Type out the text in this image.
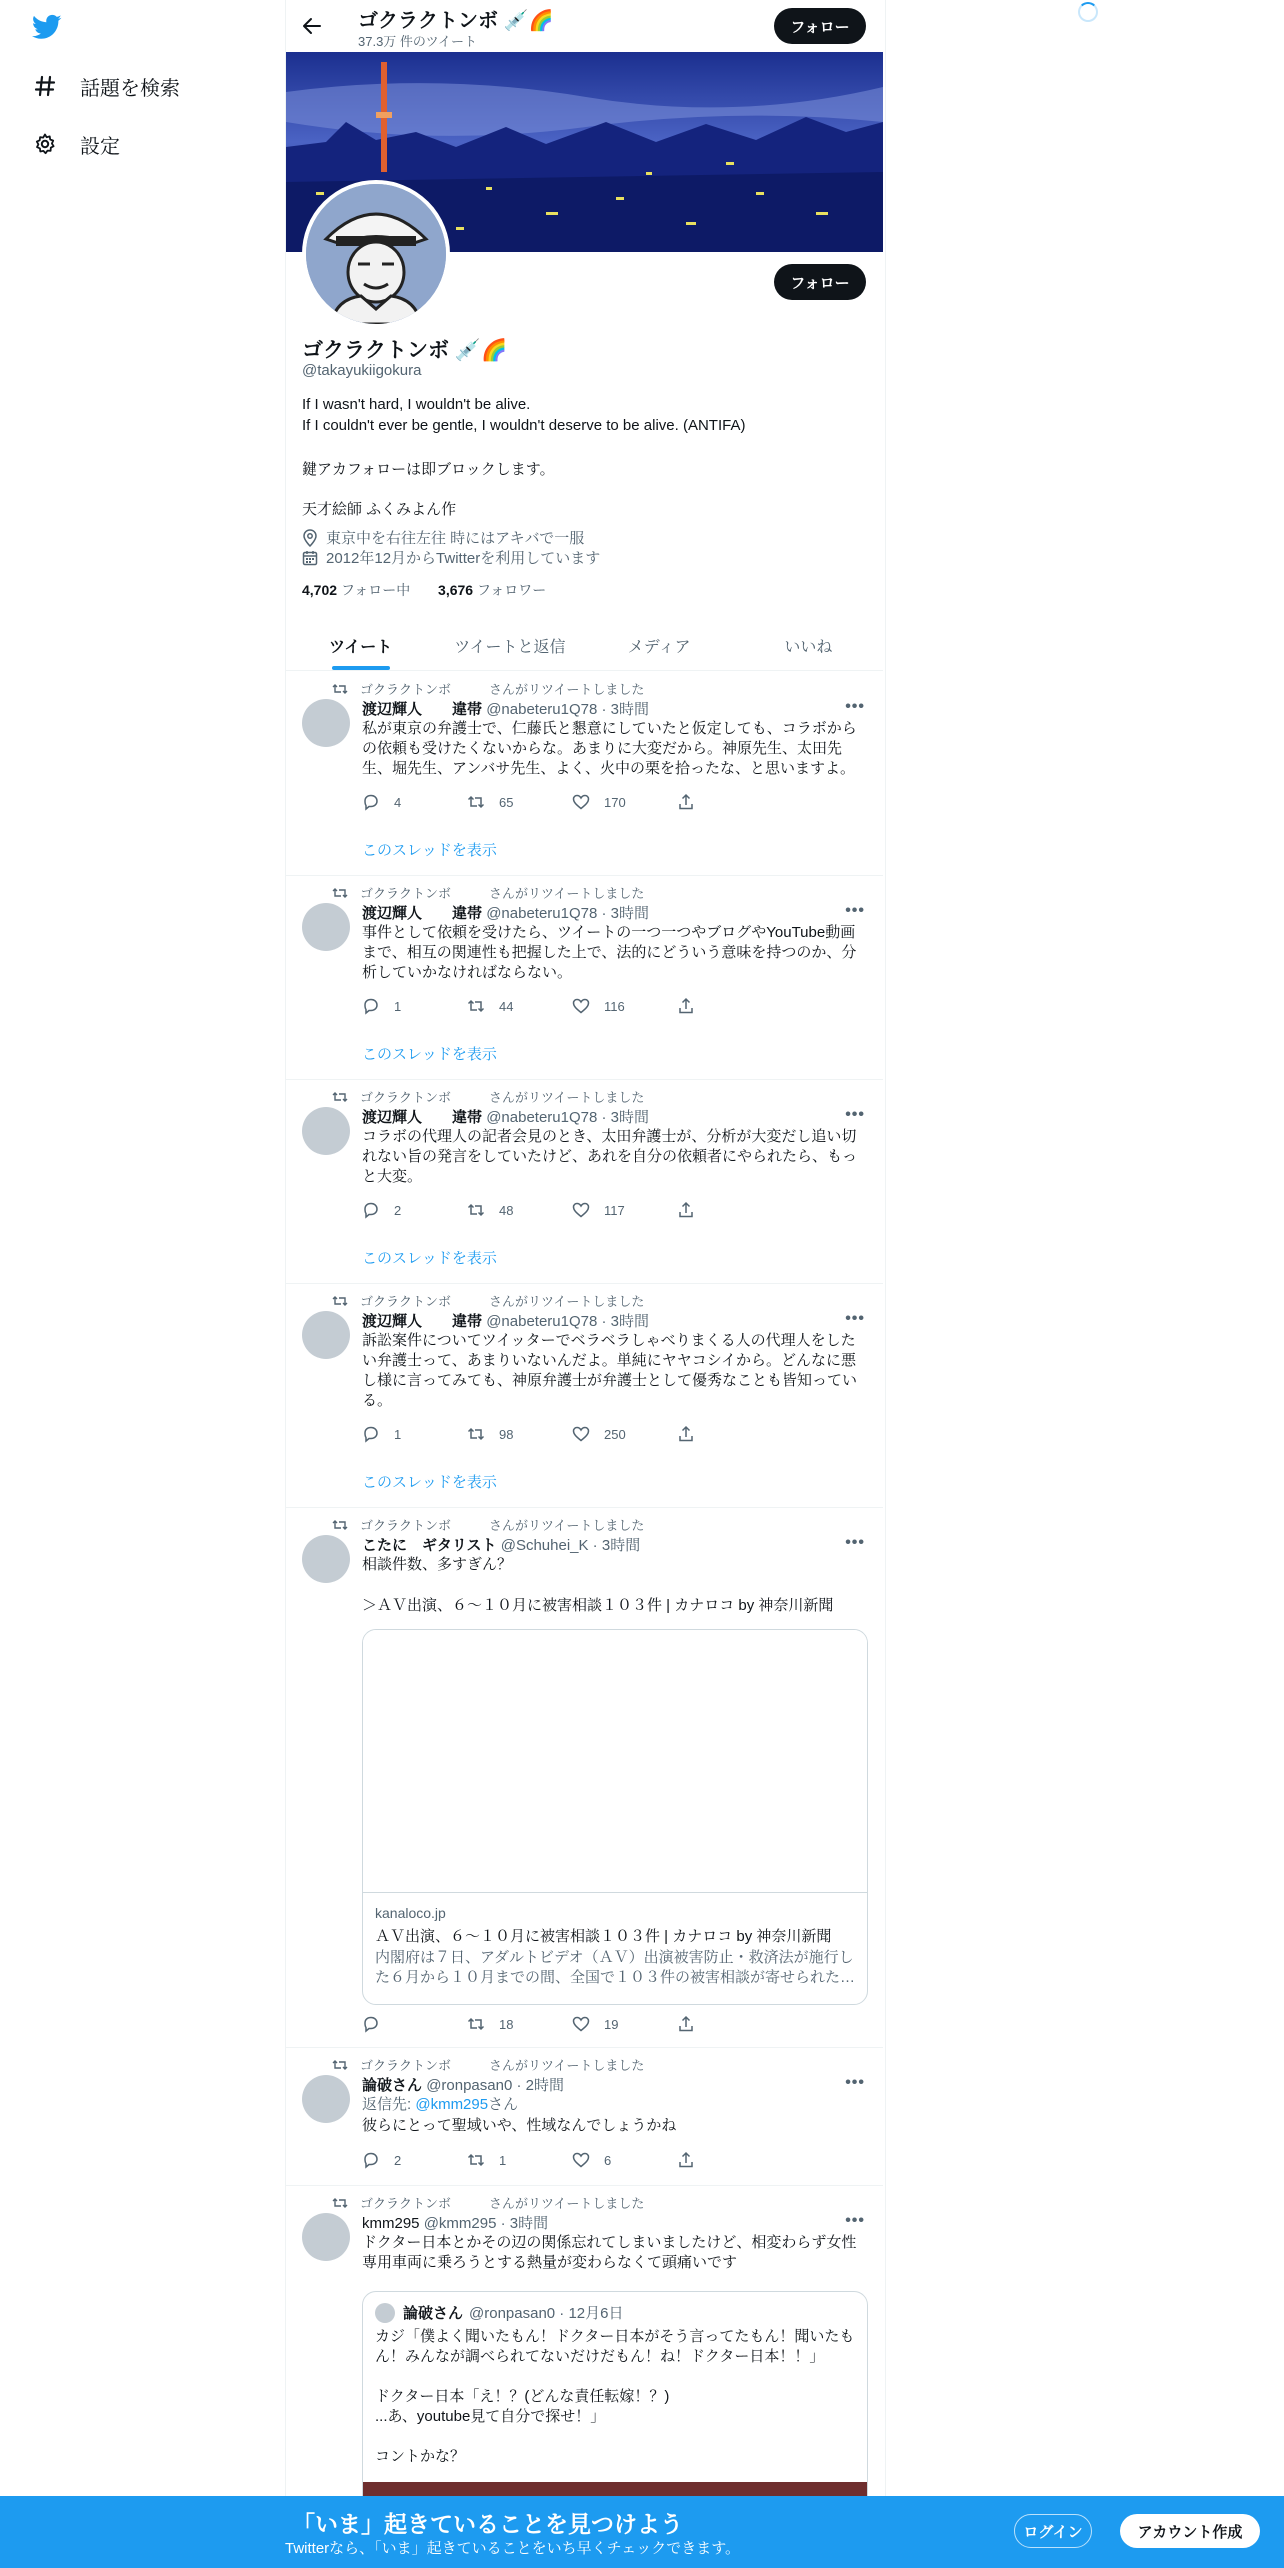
話題を検索
設定
ゴクラクトンボ 💉🌈
37.3万 件のツイート
フォロー
フォロー
ゴクラクトンボ 💉🌈
@takayukiigokura
If I wasn't hard, I wouldn't be alive.
If I couldn't ever be gentle, I wouldn't deserve to be alive. (ANTIFA)
鍵アカフォローは即ブロックします。
天才絵師 ふくみよん作
東京中を右往左往 時にはアキバで一服
2012年12月からTwitterを利用しています
4,702 フォロー中 3,676 フォロワー
ツイート	ツイートと返信	メディア	いいね
ゴクラクトンボ	さんがリツイートしました
渡辺輝人　　違帯 @nabeteru1Q78 · 3時間	•••
私が東京の弁護士で、仁藤氏と懇意にしていたと仮定しても、コラボからの依頼も受けたくないからな。あまりに大変だから。神原先生、太田先生、堀先生、アンバサ先生、よく、火中の栗を拾ったな、と思いますよ。
4	65	170
このスレッドを表示
ゴクラクトンボ	さんがリツイートしました
渡辺輝人　　違帯 @nabeteru1Q78 · 3時間	•••
事件として依頼を受けたら、ツイートの一つ一つやブログやYouTube動画まで、相互の関連性も把握した上で、法的にどういう意味を持つのか、分析していかなければならない。
1	44	116
このスレッドを表示
ゴクラクトンボ	さんがリツイートしました
渡辺輝人　　違帯 @nabeteru1Q78 · 3時間	•••
コラボの代理人の記者会見のとき、太田弁護士が、分析が大変だし追い切れない旨の発言をしていたけど、あれを自分の依頼者にやられたら、もっと大変。
2	48	117
このスレッドを表示
ゴクラクトンボ	さんがリツイートしました
渡辺輝人　　違帯 @nabeteru1Q78 · 3時間	•••
訴訟案件についてツイッターでベラベラしゃべりまくる人の代理人をしたい弁護士って、あまりいないんだよ。単純にヤヤコシイから。どんなに悪し様に言ってみても、神原弁護士が弁護士として優秀なことも皆知っている。
1	98	250
このスレッドを表示
ゴクラクトンボ	さんがリツイートしました
こたに　ギタリスト @Schuhei_K · 3時間	•••
相談件数、多すぎん？
＞ＡＶ出演、６〜１０月に被害相談１０３件 | カナロコ by 神奈川新聞
kanaloco.jp
ＡＶ出演、６〜１０月に被害相談１０３件 | カナロコ by 神奈川新聞
内閣府は７日、アダルトビデオ（ＡＶ）出演被害防止・救済法が施行した６月から１０月までの間、全国で１０３件の被害相談が寄せられた…
18	19
ゴクラクトンボ	さんがリツイートしました
論破さん @ronpasan0 · 2時間	•••
返信先: @kmm295さん
彼らにとって聖域いや、性域なんでしょうかね
2	1	6
ゴクラクトンボ	さんがリツイートしました
kmm295 @kmm295 · 3時間	•••
ドクター日本とかその辺の関係忘れてしまいましたけど、相変わらず女性専用車両に乗ろうとする熱量が変わらなくて頭痛いです
論破さん @ronpasan0 · 12月6日
カジ「僕よく聞いたもん！ドクター日本がそう言ってたもん！聞いたもん！みんなが調べられてないだけだもん！ね！ドクター日本！！」
ドクター日本「え！？(どんな責任転嫁！？)
...あ、youtube見て自分で探せ！」
コントかな？
「いま」起きていることを見つけよう
Twitterなら、「いま」起きていることをいち早くチェックできます。
ログイン	アカウント作成
